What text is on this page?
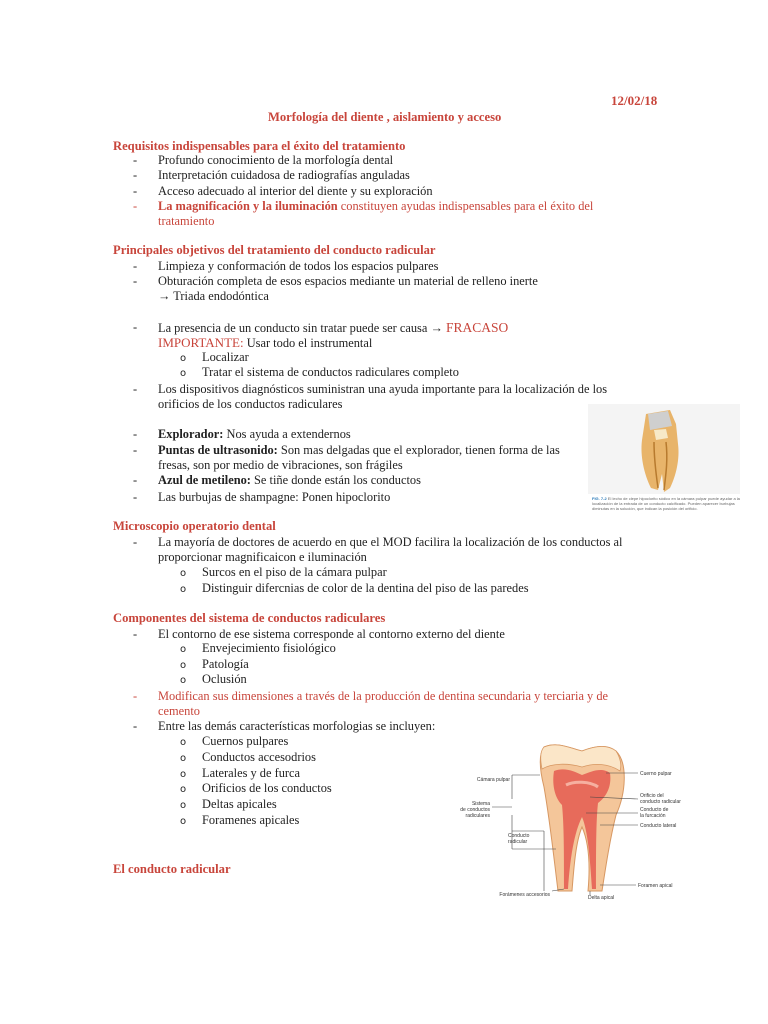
12/02/18
Morfología del diente , aislamiento y acceso
Requisitos indispensables para el éxito del tratamiento
- Profundo conocimiento de la morfología dental
- Interpretación cuidadosa de radiografías anguladas
- Acceso adecuado al interior del diente y su exploración
- La magnificación y la iluminación constituyen ayudas indispensables para el éxito del
tratamiento
Principales objetivos del tratamiento del conducto radicular
- Limpieza y conformación de todos los espacios pulpares
- Obturación completa de esos espacios mediante un material de relleno inerte
→ Triada endodóntica
- La presencia de un conducto sin tratar puede ser causa → FRACASO
IMPORTANTE: Usar todo el instrumental
o Localizar
o Tratar el sistema de conductos radiculares completo
- Los dispositivos diagnósticos suministran una ayuda importante para la localización de los
orificios de los conductos radiculares
- Explorador: Nos ayuda a extendernos
- Puntas de ultrasonido: Son mas delgadas que el explorador, tienen forma de las
fresas, son por medio de vibraciones, son frágiles
- Azul de metileno: Se tiñe donde están los conductos
- Las burbujas de shampagne: Ponen hipoclorito	FIG. 7-2 El lecho de clepe hipoclorito sódico en la cámara pulpar puede ayudar a la localización de la entrada de un conducto calcificado. Pueden aparecer burbujas diminutas en la solución, que indican la posición del orificio.
Microscopio operatorio dental
- La mayoría de doctores de acuerdo en que el MOD facilira la localización de los conductos al
proporcionar magnificaicon e iluminación
o Surcos en el piso de la cámara pulpar
o Distinguir difercnias de color de la dentina del piso de las paredes
Componentes del sistema de conductos radiculares
- El contorno de ese sistema corresponde al contorno externo del diente
o Envejecimiento fisiológico
o Patología
o Oclusión
- Modifican sus dimensiones a través de la producción de dentina secundaria y terciaria y de
cemento
- Entre las demás características morfologias se incluyen:
o Cuernos pulpares
o Conductos accesodrios
o Laterales y de furca
o Orificios de los conductos
o Deltas apicales
o Foramenes apicales
Cámara pulpar
Sistema
de conductos
radiculares
Conducto
radicular
Forámenes accesorios
Cuerno pulpar
Orificio del
conducto radicular
Conducto de
la furcación
Conducto lateral
Foramen apical
Delta apical
El conducto radicular
